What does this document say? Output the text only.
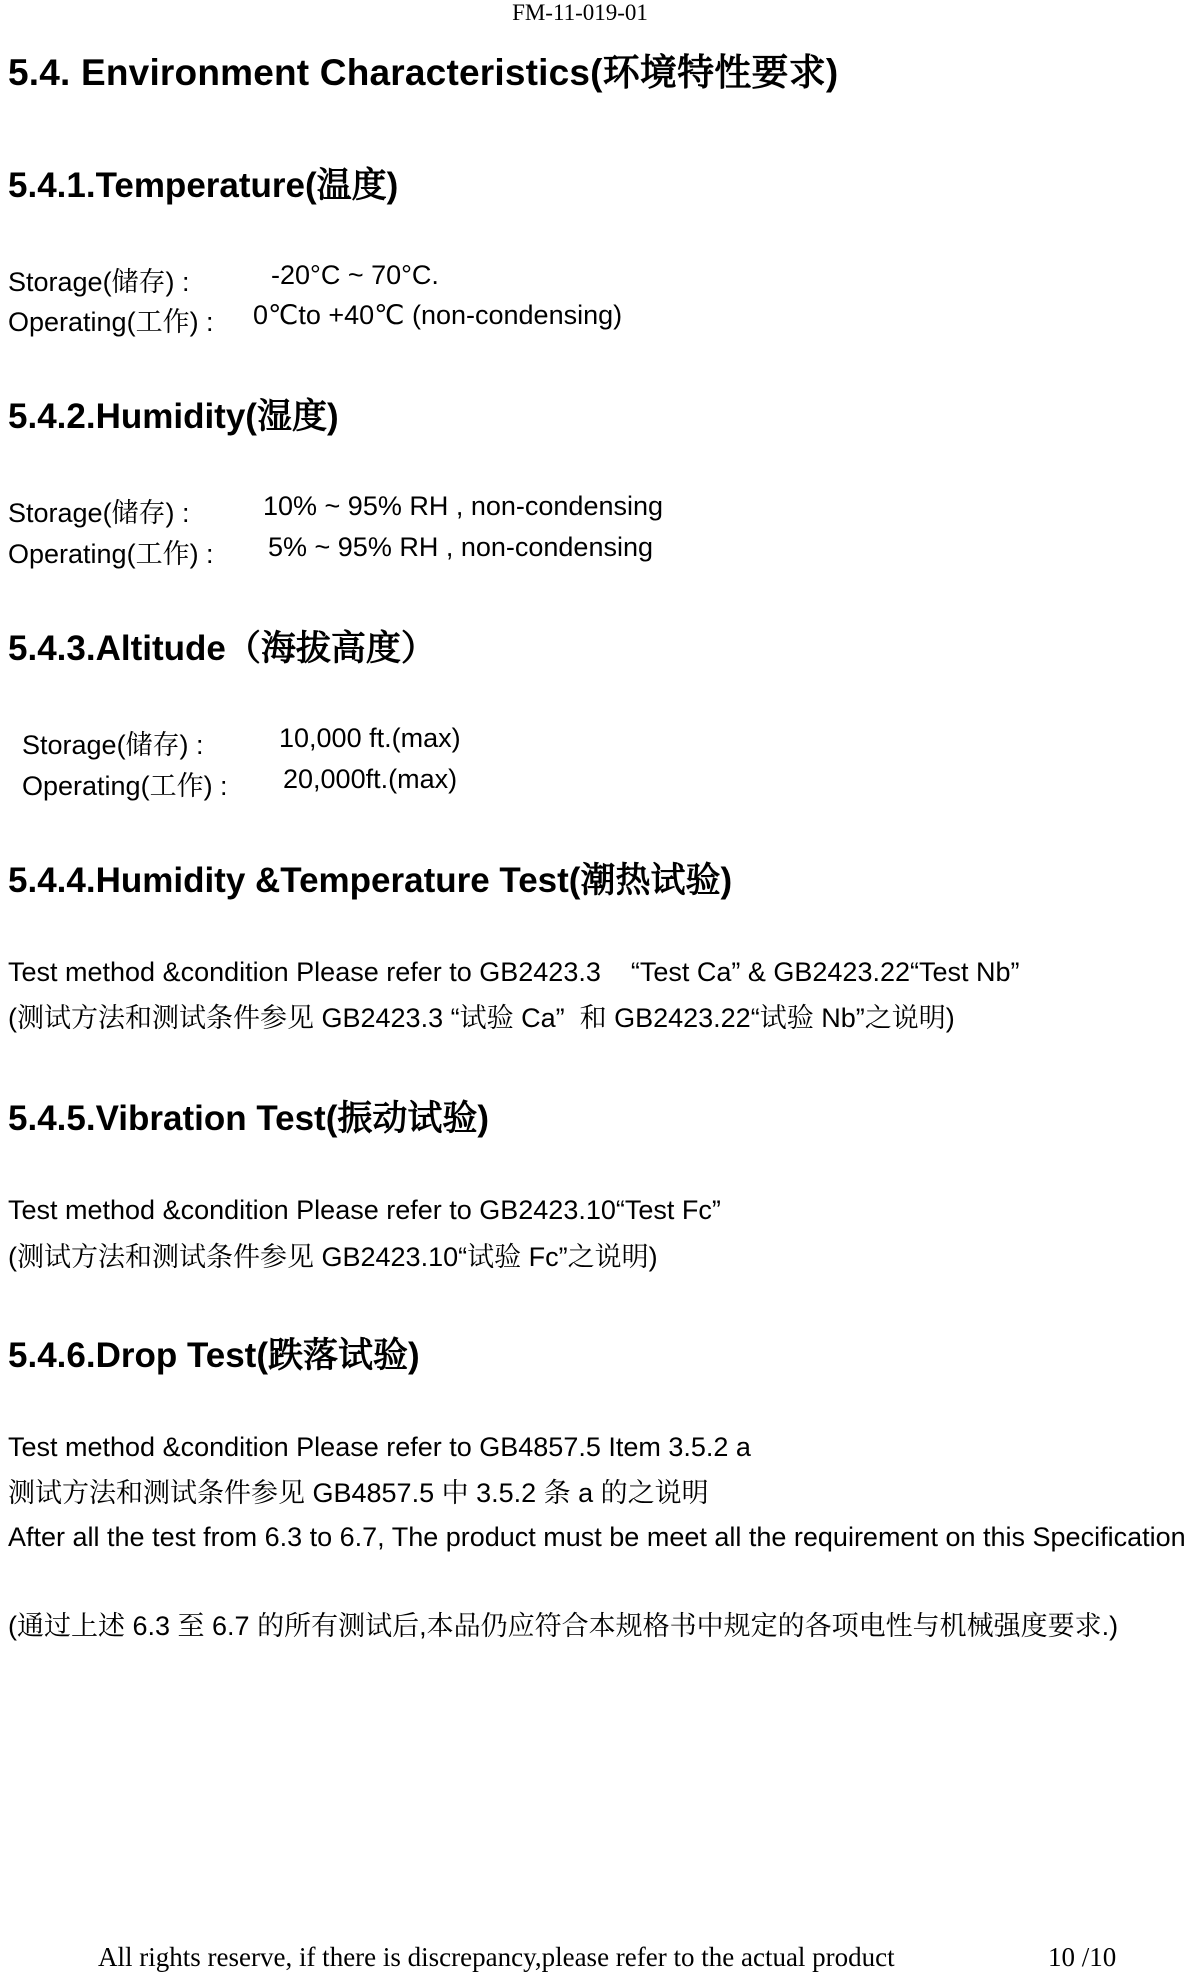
FM-11-019-01
5.4. Environment Characteristics(环境特性要求)
5.4.1.Temperature(温度)
Storage(储存) :	-20°C ~ 70°C.
Operating(工作) : 0℃to +40℃ (non-condensing)
5.4.2.Humidity(湿度)
Storage(储存) :	10% ~ 95% RH , non-condensing
Operating(工作) : 5% ~ 95% RH , non-condensing
5.4.3.Altitude（海拔高度）
Storage(储存) :	10,000 ft.(max)
Operating(工作) : 20,000ft.(max)
5.4.4.Humidity &Temperature Test(潮热试验)
Test method &condition Please refer to GB2423.3    “Test Ca” & GB2423.22“Test Nb”
(测试方法和测试条件参见 GB2423.3 “试验 Ca”  和 GB2423.22“试验 Nb”之说明)
5.4.5.Vibration Test(振动试验)
Test method &condition Please refer to GB2423.10“Test Fc”
(测试方法和测试条件参见 GB2423.10“试验 Fc”之说明)
5.4.6.Drop Test(跌落试验)
Test method &condition Please refer to GB4857.5 Item 3.5.2 a
测试方法和测试条件参见 GB4857.5 中 3.5.2 条 a 的之说明
After all the test from 6.3 to 6.7, The product must be meet all the requirement on this Specification
(通过上述 6.3 至 6.7 的所有测试后,本品仍应符合本规格书中规定的各项电性与机械强度要求.)
All rights reserve, if there is discrepancy,please refer to the actual product	10 /10
